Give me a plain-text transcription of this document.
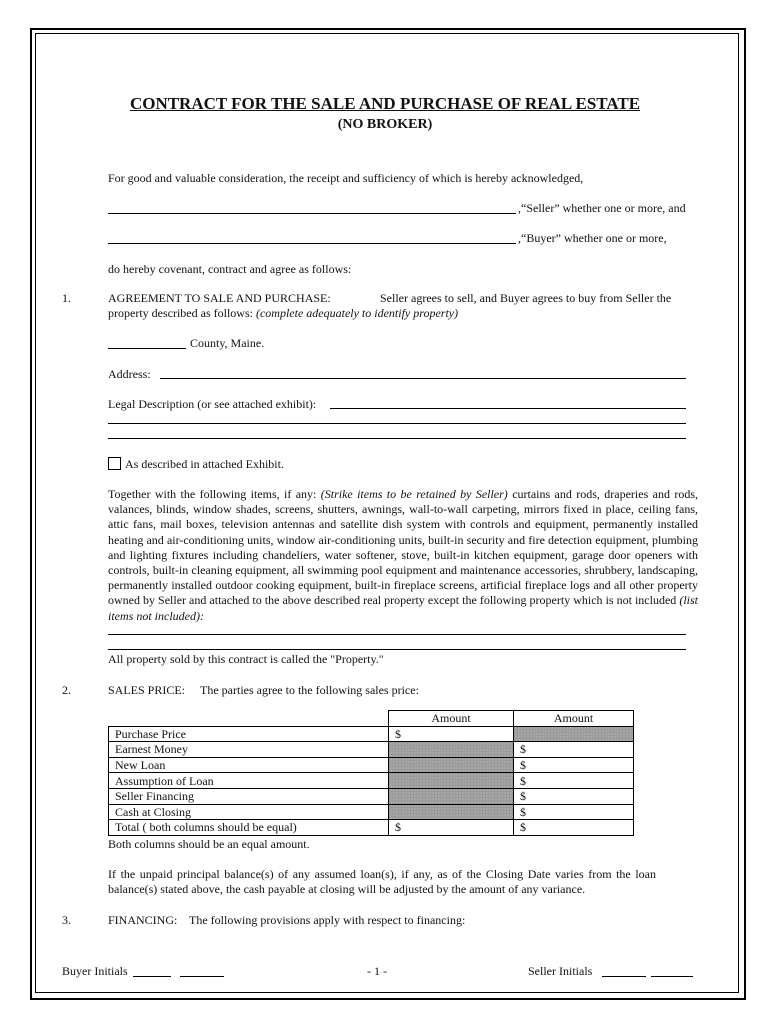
CONTRACT FOR THE SALE AND PURCHASE OF REAL ESTATE
(NO BROKER)
For good and valuable consideration, the receipt and sufficiency of which is hereby acknowledged,
,“Seller” whether one or more, and
,“Buyer” whether one or more,
do hereby covenant, contract and agree as follows:
1.	AGREEMENT TO SALE AND PURCHASE:	Seller agrees to sell, and Buyer agrees to buy from Seller the
property described as follows: (complete adequately to identify property)
County, Maine.
Address:
Legal Description (or see attached exhibit):
As described in attached Exhibit.
Together with the following items, if any: (Strike items to be retained by Seller) curtains and rods, draperies and rods, valances, blinds, window shades, screens, shutters, awnings, wall-to-wall carpeting, mirrors fixed in place, ceiling fans, attic fans, mail boxes, television antennas and satellite dish system with controls and equipment, permanently installed heating and air-conditioning units, window air-conditioning units, built-in security and fire detection equipment, plumbing and lighting fixtures including chandeliers, water softener, stove, built-in kitchen equipment, garage door openers with controls, built-in cleaning equipment, all swimming pool equipment and maintenance accessories, shrubbery, landscaping, permanently installed outdoor cooking equipment, built-in fireplace screens, artificial fireplace logs and all other property owned by Seller and attached to the above described real property except the following property which is not included (list items not included):
All property sold by this contract is called the "Property."
2.	SALES PRICE: The parties agree to the following sales price:
	Amount	Amount
Purchase Price	$	
Earnest Money		$
New Loan		$
Assumption of Loan		$
Seller Financing		$
Cash at Closing		$
Total ( both columns should be equal)	$	$
Both columns should be an equal amount.
If the unpaid principal balance(s) of any assumed loan(s), if any, as of the Closing Date varies from the loan balance(s) stated above, the cash payable at closing will be adjusted by the amount of any variance.
3.	FINANCING: The following provisions apply with respect to financing:
Buyer Initials	- 1 -	Seller Initials
